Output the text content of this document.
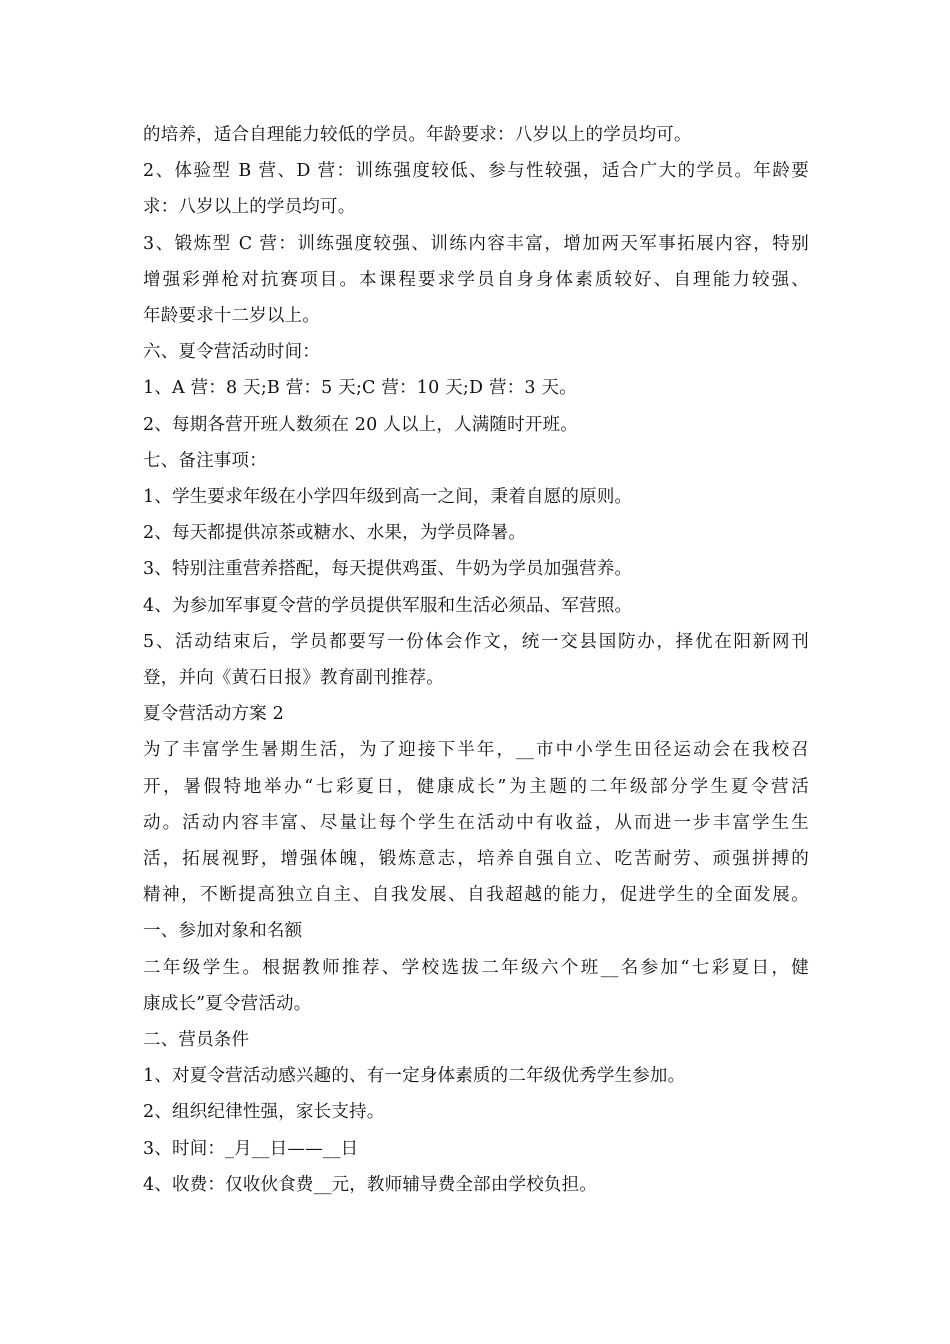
的培养，适合自理能力较低的学员。年龄要求：八岁以上的学员均可。
2、体验型 B 营、D 营：训练强度较低、参与性较强，适合广大的学员。年龄要
求：八岁以上的学员均可。
3、锻炼型 C 营：训练强度较强、训练内容丰富，增加两天军事拓展内容，特别
增强彩弹枪对抗赛项目。本课程要求学员自身身体素质较好、自理能力较强、
年龄要求十二岁以上。
六、夏令营活动时间：
1、A 营：8 天;B 营：5 天;C 营：10 天;D 营：3 天。
2、每期各营开班人数须在 20 人以上，人满随时开班。
七、备注事项：
1、学生要求年级在小学四年级到高一之间，秉着自愿的原则。
2、每天都提供凉茶或糖水、水果，为学员降暑。
3、特别注重营养搭配，每天提供鸡蛋、牛奶为学员加强营养。
4、为参加军事夏令营的学员提供军服和生活必须品、军营照。
5、活动结束后，学员都要写一份体会作文，统一交县国防办，择优在阳新网刊
登，并向《黄石日报》教育副刊推荐。
夏令营活动方案 2
为了丰富学生暑期生活，为了迎接下半年，__市中小学生田径运动会在我校召
开，暑假特地举办“七彩夏日，健康成长”为主题的二年级部分学生夏令营活
动。活动内容丰富、尽量让每个学生在活动中有收益，从而进一步丰富学生生
活，拓展视野，增强体魄，锻炼意志，培养自强自立、吃苦耐劳、顽强拼搏的
精神，不断提高独立自主、自我发展、自我超越的能力，促进学生的全面发展。
一、参加对象和名额
二年级学生。根据教师推荐、学校选拔二年级六个班__名参加“七彩夏日，健
康成长”夏令营活动。
二、营员条件
1、对夏令营活动感兴趣的、有一定身体素质的二年级优秀学生参加。
2、组织纪律性强，家长支持。
3、时间：_月__日——__日
4、收费：仅收伙食费__元，教师辅导费全部由学校负担。
